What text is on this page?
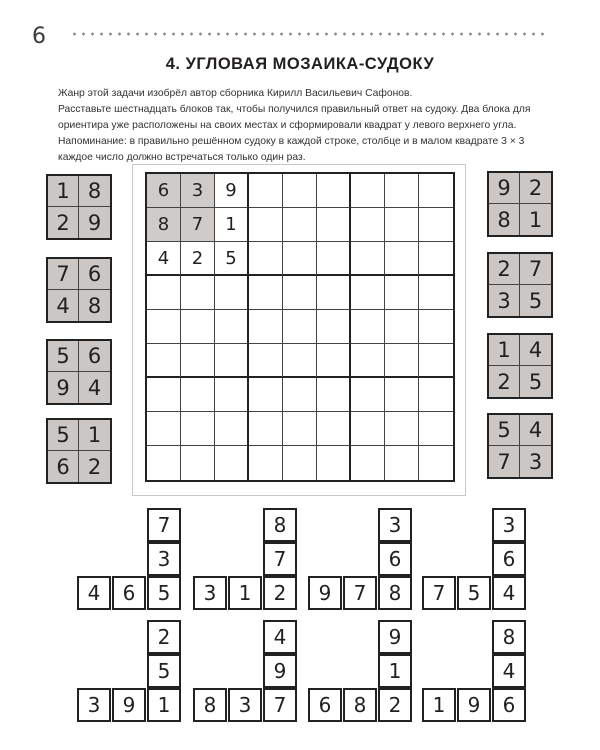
6
4. УГЛОВАЯ МОЗАИКА-СУДОКУ

Жанр этой задачи изобрёл автор сборника Кирилл Васильевич Сафонов.

Расставьте шестнадцать блоков так, чтобы получился правильный ответ на судоку. Два блока для ориентира уже расположены на своих местах и сформировали квадрат у левого верхнего угла.

Напоминание: в правильно решённом судоку в каждой строке, столбце и в малом квадрате 3 × 3 каждое число должно встречаться только один раз.

6	3	9
8	7	1
4	2	5
1 8
2 9
7 6
4 8
5 6
9 4
5 1
6 2
9 2
8 1
2 7
3 5
1 4
2 5
5 4
7 3
7
3
4	6	5
8
7
3	1	2
3
6
9	7	8
3
6
7	5	4
2
5
3	9	1
4
9
8	3	7
9
1
6	8	2
8
4
1	9	6
